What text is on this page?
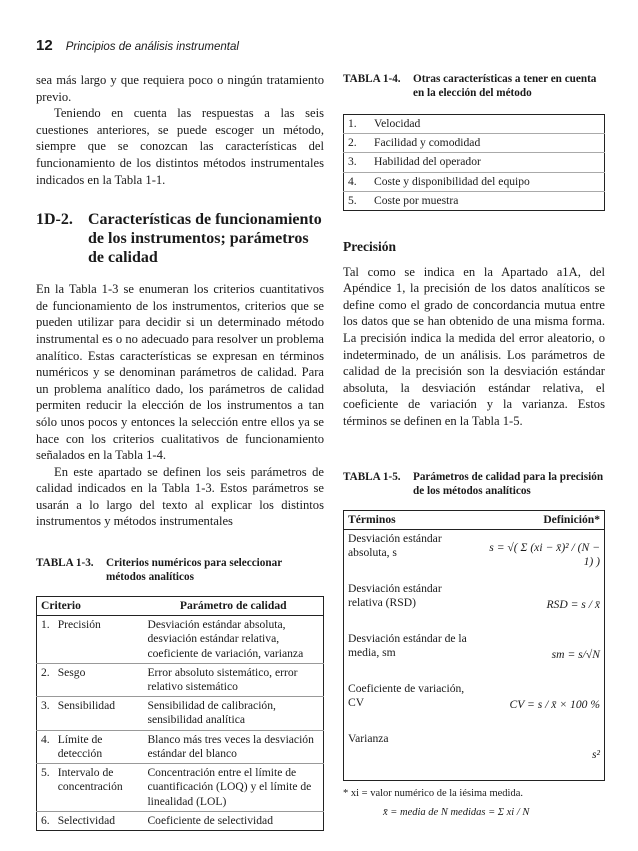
12 Principios de análisis instrumental

sea más largo y que requiera poco o ningún tratamiento previo.

Teniendo en cuenta las respuestas a las seis cuestiones anteriores, se puede escoger un método, siempre que se conozcan las características del funcionamiento de los distintos métodos instrumentales indicados en la Tabla 1-1.

1D-2. Características de funcionamiento de los instrumentos; parámetros de calidad

En la Tabla 1-3 se enumeran los criterios cuantitativos de funcionamiento de los instrumentos, criterios que se pueden utilizar para decidir si un determinado método instrumental es o no adecuado para resolver un problema analítico. Estas características se expresan en términos numéricos y se denominan parámetros de calidad. Para un problema analítico dado, los parámetros de calidad permiten reducir la elección de los instrumentos a tan sólo unos pocos y entonces la selección entre ellos ya se hace con los criterios cualitativos de funcionamiento señalados en la Tabla 1-4.

En este apartado se definen los seis parámetros de calidad indicados en la Tabla 1-3. Estos parámetros se usarán a lo largo del texto al explicar los distintos instrumentos y métodos instrumentales

TABLA 1-3.	Criterios numéricos para seleccionar métodos analíticos
Criterio		Parámetro de calidad
1.	Precisión	Desviación estándar absoluta, desviación estándar relativa, coeficiente de variación, varianza
2.	Sesgo	Error absoluto sistemático, error relativo sistemático
3.	Sensibilidad	Sensibilidad de calibración, sensibilidad analítica
4.	Límite de detección	Blanco más tres veces la desviación estándar del blanco
5.	Intervalo de concentración	Concentración entre el límite de cuantificación (LOQ) y el límite de linealidad (LOL)
6.	Selectividad	Coeficiente de selectividad
TABLA 1-4.	Otras características a tener en cuenta en la elección del método
1.	Velocidad
2.	Facilidad y comodidad
3.	Habilidad del operador
4.	Coste y disponibilidad del equipo
5.	Coste por muestra
Precisión

Tal como se indica en la Apartado a1A, del Apéndice 1, la precisión de los datos analíticos se define como el grado de concordancia mutua entre los datos que se han obtenido de una misma forma. La precisión indica la medida del error aleatorio, o indeterminado, de un análisis. Los parámetros de calidad de la precisión son la desviación estándar absoluta, la desviación estándar relativa, el coeficiente de variación y la varianza. Estos términos se definen en la Tabla 1-5.

TABLA 1-5.	Parámetros de calidad para la precisión de los métodos analíticos
Términos	Definición*
Desviación estándar absoluta, s	s = √( Σ (xi − x̄)² / (N − 1) )
Desviación estándar relativa (RSD)	RSD = s / x̄
Desviación estándar de la media, sm	sm = s/√N
Coeficiente de variación, CV	CV = s / x̄ × 100 %
Varianza	s²
* xi = valor numérico de la iésima medida.
x̄ = media de N medidas = Σ xi / N
